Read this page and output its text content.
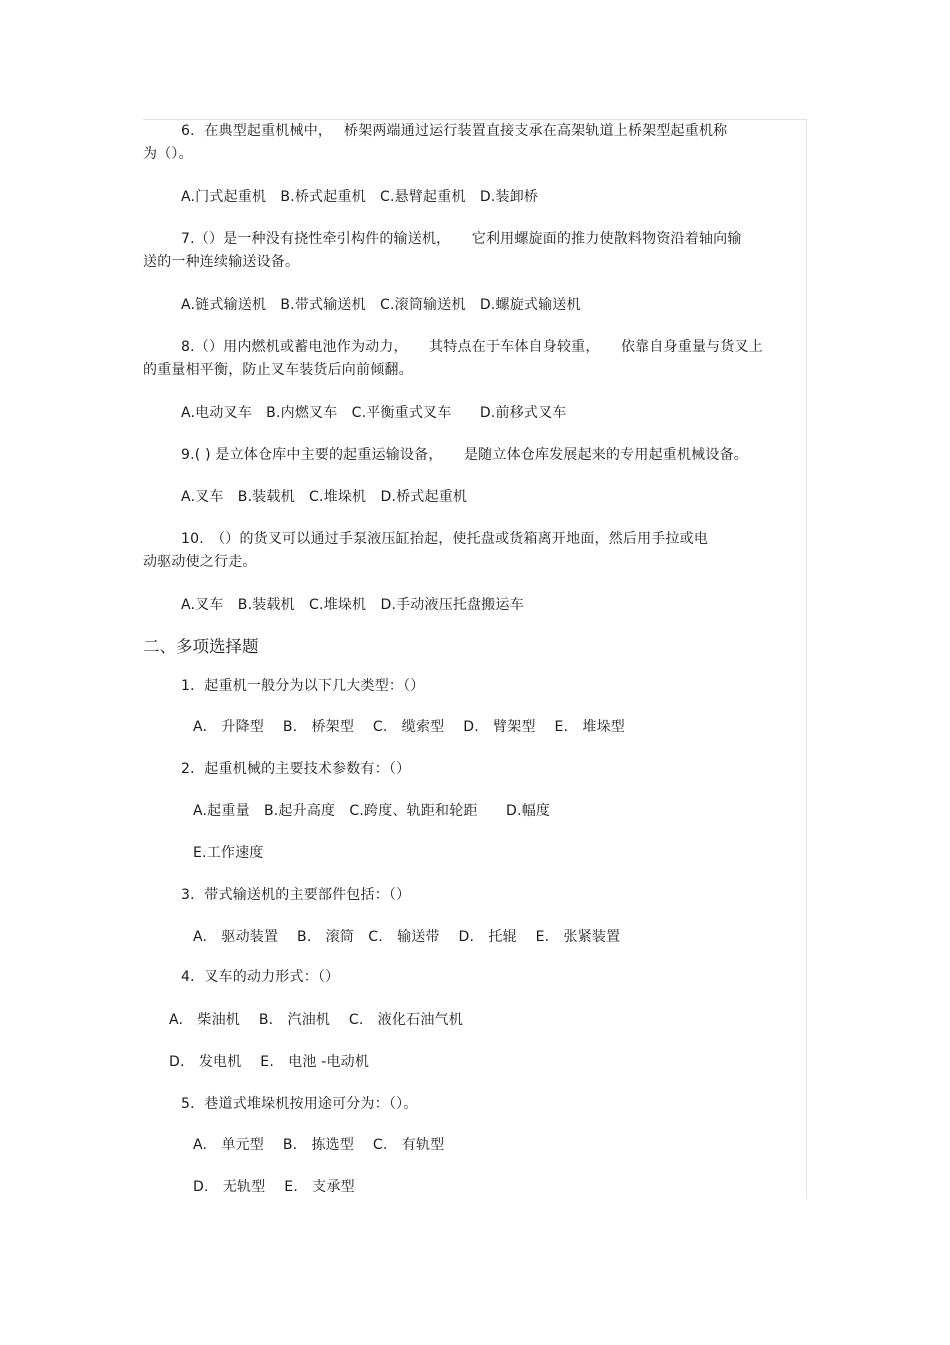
6．在典型起重机械中，　 桥架两端通过运行装置直接支承在高架轨道上桥架型起重机称
为（）。
A.门式起重机　B.桥式起重机　C.悬臂起重机　D.装卸桥
7.（）是一种没有挠性牵引构件的输送机，　　它利用螺旋面的推力使散料物资沿着轴向输
送的一种连续输送设备。
A.链式输送机　B.带式输送机　C.滚筒输送机　D.螺旋式输送机
8.（）用内燃机或蓄电池作为动力，　　其特点在于车体自身较重，　　依靠自身重量与货叉上
的重量相平衡，防止叉车装货后向前倾翻。
A.电动叉车　B.内燃叉车　C.平衡重式叉车　　D.前移式叉车
9.( ) 是立体仓库中主要的起重运输设备，　　是随立体仓库发展起来的专用起重机械设备。
A.叉车　B.装载机　C.堆垛机　D.桥式起重机
10.　（）的货叉可以通过手泵液压缸抬起，使托盘或货箱离开地面，然后用手拉或电
动驱动使之行走。
A.叉车　B.装载机　C.堆垛机　D.手动液压托盘搬运车
二、多项选择题
1．起重机一般分为以下几大类型：（）
A.　升降型　 B.　桥架型　 C.　缆索型　 D.　臂架型　 E.　堆垛型
2．起重机械的主要技术参数有：（）
A.起重量　B.起升高度　C.跨度、轨距和轮距　　D.幅度
E.工作速度
3．带式输送机的主要部件包括：（）
A.　驱动装置　 B.　滚筒　C.　输送带　 D.　托辊　 E.　张紧装置
4．叉车的动力形式：（）
A.　柴油机　 B.　汽油机　 C.　液化石油气机
D.　发电机　 E.　电池 -电动机
5．巷道式堆垛机按用途可分为：（）。
A.　单元型　 B.　拣选型　 C.　有轨型
D.　无轨型　 E.　支承型
